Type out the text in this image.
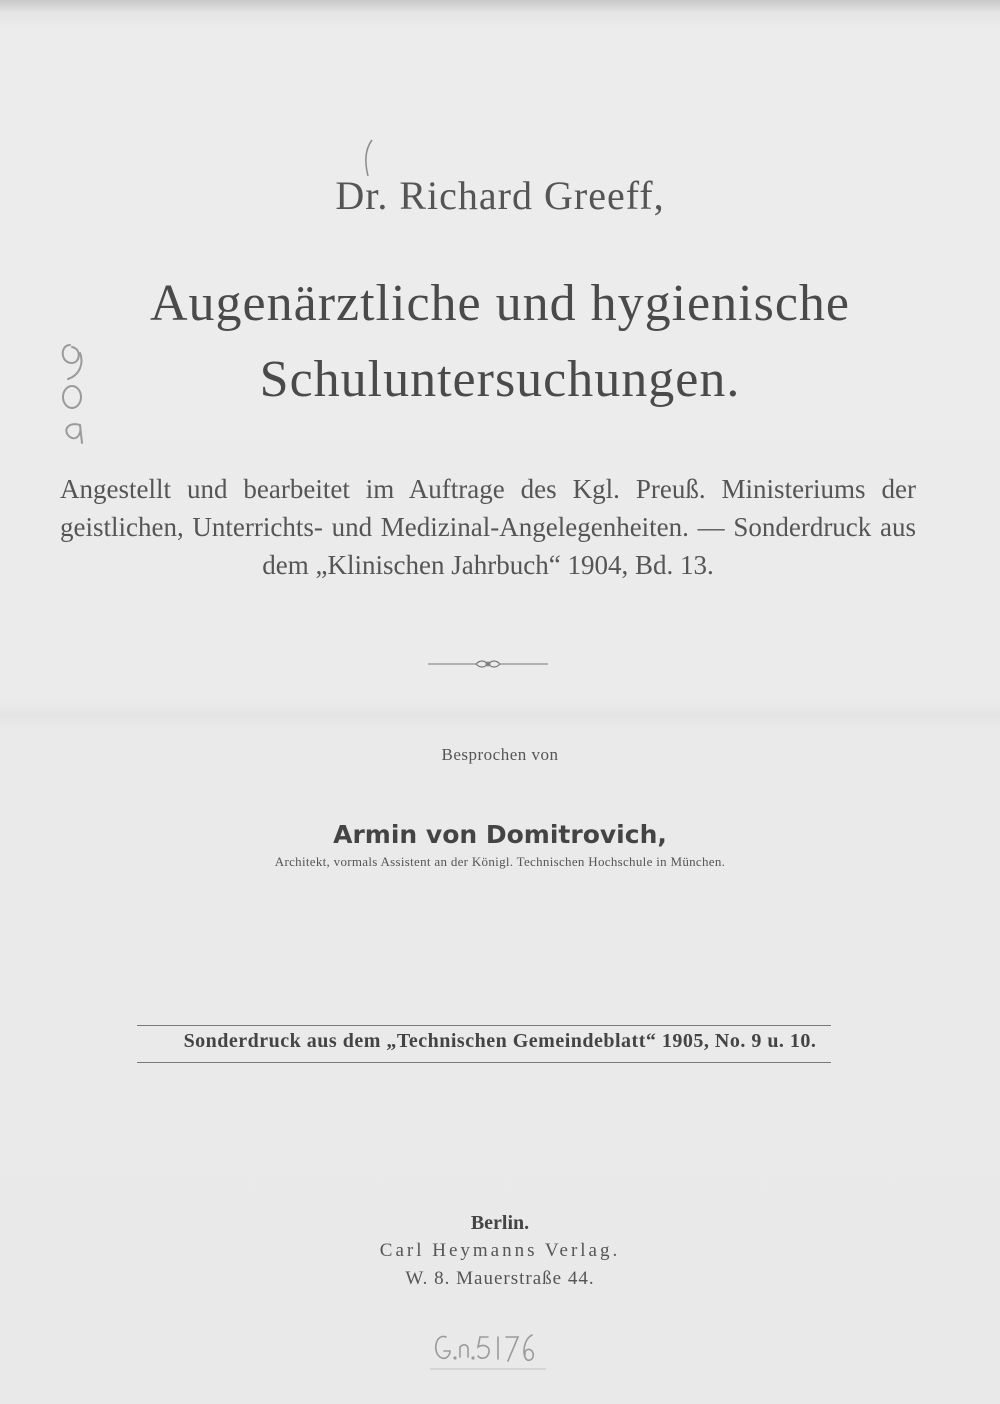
Dr. Richard Greeff,
Augenärztliche und hygienische
Schuluntersuchungen.
Angestellt und bearbeitet im Auftrage des Kgl. Preuß. Ministeriums der geistlichen, Unterrichts- und Medizinal-Angelegenheiten. — Sonderdruck aus dem „Klinischen Jahrbuch“ 1904, Bd. 13.
Besprochen von
Armin von Domitrovich,
Architekt, vormals Assistent an der Königl. Technischen Hochschule in München.
Sonderdruck aus dem „Technischen Gemeindeblatt“ 1905, No. 9 u. 10.
Berlin.
Carl Heymanns Verlag.
W. 8. Mauerstraße 44.
